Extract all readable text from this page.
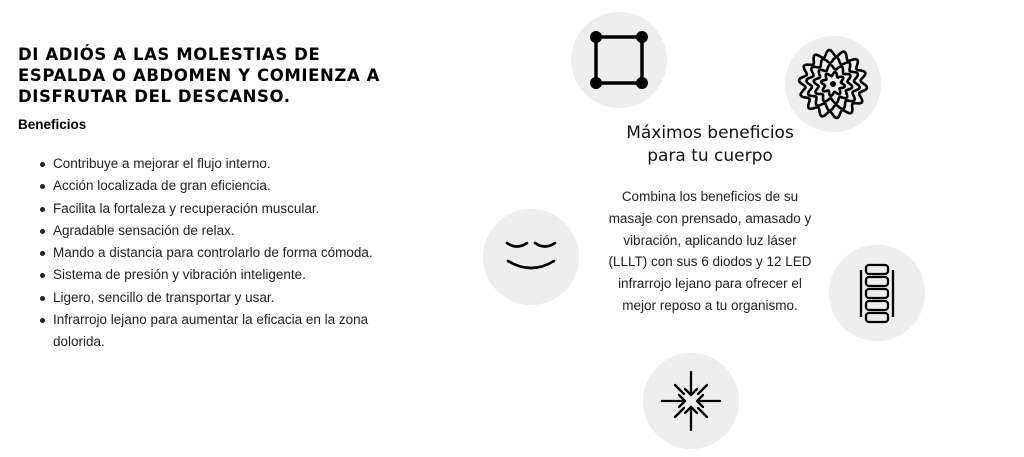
DI ADIÓS A LAS MOLESTIAS DE
ESPALDA O ABDOMEN Y COMIENZA A
DISFRUTAR DEL DESCANSO.
Beneficios
Contribuye a mejorar el flujo interno.
Acción localizada de gran eficiencia.
Facilita la fortaleza y recuperación muscular.
Agradable sensación de relax.
Mando a distancia para controlarlo de forma cómoda.
Sistema de presión y vibración inteligente.
Ligero, sencillo de transportar y usar.
Infrarrojo lejano para aumentar la eficacia en la zona dolorida.
Máximos beneficios
para tu cuerpo

Combina los beneficios de su
masaje con prensado, amasado y
vibración, aplicando luz láser
(LLLT) con sus 6 diodos y 12 LED
infrarrojo lejano para ofrecer el
mejor reposo a tu organismo.
